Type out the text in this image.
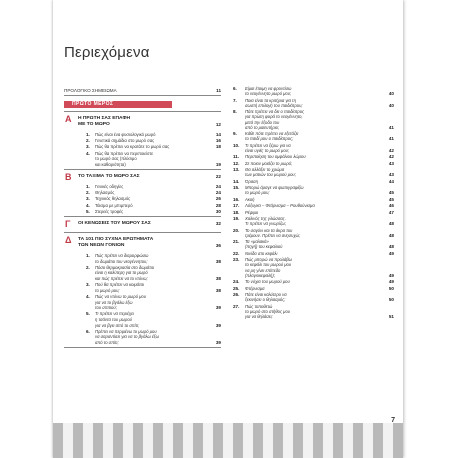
Περιεχόμενα
ΠΡΟΛΟΓΙΚΟ ΣΗΜΕΙΩΜΑ	11
ΠΡΩΤΟ ΜΕΡΟΣ
Α Η ΠΡΩΤΗ ΣΑΣ ΕΠΑΦΗ
ΜΕ ΤΟ ΜΩΡΟ	12
1. Πώς είναι ένα φυσιολογικό μωρό	14
2. Γενετικά σημάδια στο μωρό σας	16
3. Πώς θα πρέπει να κρατάτε το μωρό σας	18
4. Πώς θα πρέπει να περιποιείστε
το μωρό σας (πλύσιμο
και καθαριότητα)	19
Β ΤΟ ΤΑΞΙΜΑ ΤΟ ΜΩΡΟ ΣΑΣ	22
1. Γενικές οδηγίες	24
2. Θηλασμός	24
3. Τεχνικός θηλασμός	26
4. Τάισμα με μπιμπερό	28
5. Στερεές τροφές	30
Γ ΟΙ ΚΕΝΩΣΕΙΣ ΤΟΥ ΜΩΡΟΥ ΣΑΣ	32
Δ ΤΑ 101 ΠΙΟ ΣΥΧΝΑ ΕΡΩΤΗΜΑΤΑ
ΤΩΝ ΝΕΩΝ ΓΟΝΙΩΝ	36
1. Πώς πρέπει να διαμορφώσω
το δωμάτιο του νεογέννητου;	38
2. Πόσο θερμοκρασία στο δωμάτιο
είναι η καλύτερη για το μωρό
και πώς πρέπει να το ντύνω;	38
3. Πού θα πρέπει να κοιμάται
το μωρό μου;	38
4. Πώς να ντύνω το μωρό μου
για να το βγάλω έξω
του σπιτιού;	39
5. Τι πρέπει να περιέχει
η τσάντα του μωρού
για να βγει από το σπίτι;	39
6. Πρέπει να περιμένω το μωρό μου
να σαραντίσει για να το βγάλω έξω
από το σπίτι;	39
6. Είμαι έτοιμη να φροντίσω
το νεογέννητο μωρό μου;	40
7. Ποια είναι τα κριτήρια για τη
σωστή επιλογή του παιδιάτρου;	40
8. Πότε πρέπει να δει ο παιδίατρος
για πρώτη φορά το νεογέννητο,
μετά την έξοδο του
από το μαιευτήριο;	41
9. Κάθε πότε πρέπει να εξετάζει
το παιδί μου ο παιδίατρος;	41
10. Τι πρέπει να ξέρω για να
είναι υγιές το μωρό μου;	42
11. Περιποίηση του ομφάλιου λώρου	42
12. Σε ποιον μοιάζει το μωρό;	43
13. Θα αλλάξει το χρώμα
των ματιών του μωρού μου;	43
14. Όραση	44
15. Μπορώ άραγε να φωτογραφίζω
το μωρό μου;	45
16. Ακοή	45
17. Λόξυγκα – Φτάρνισμα – Ρουθούνισμα	46
18. Ρέψιμο	47
19. Χαλινός της γλώσσας.
Τι πρέπει να γνωρίζω;	48
20. Το σαγόνι και τα άκρα του
τρέμουν. Πρέπει να ανησυχώ;	48
21. Τα «μαλακά»
(πηγή) του κεφαλιού	48
22. Νινίδα στο κεφάλι	49
23. Πώς μπορώ να προλάβω
το κεφάλι του μωρού μου
να μη γίνει επίπεδο
(πλαγιοκεφαλή);	49
24. Το νύχια του μωρού μου	49
25. Φτέρνισμα	50
26. Πότε είναι καλύτερο να
ξεκινήσει ο θηλασμός;	50
27. Πώς τοποθετώ
το μωρό στο στήθος μου
για να θηλάσει;	51
7
